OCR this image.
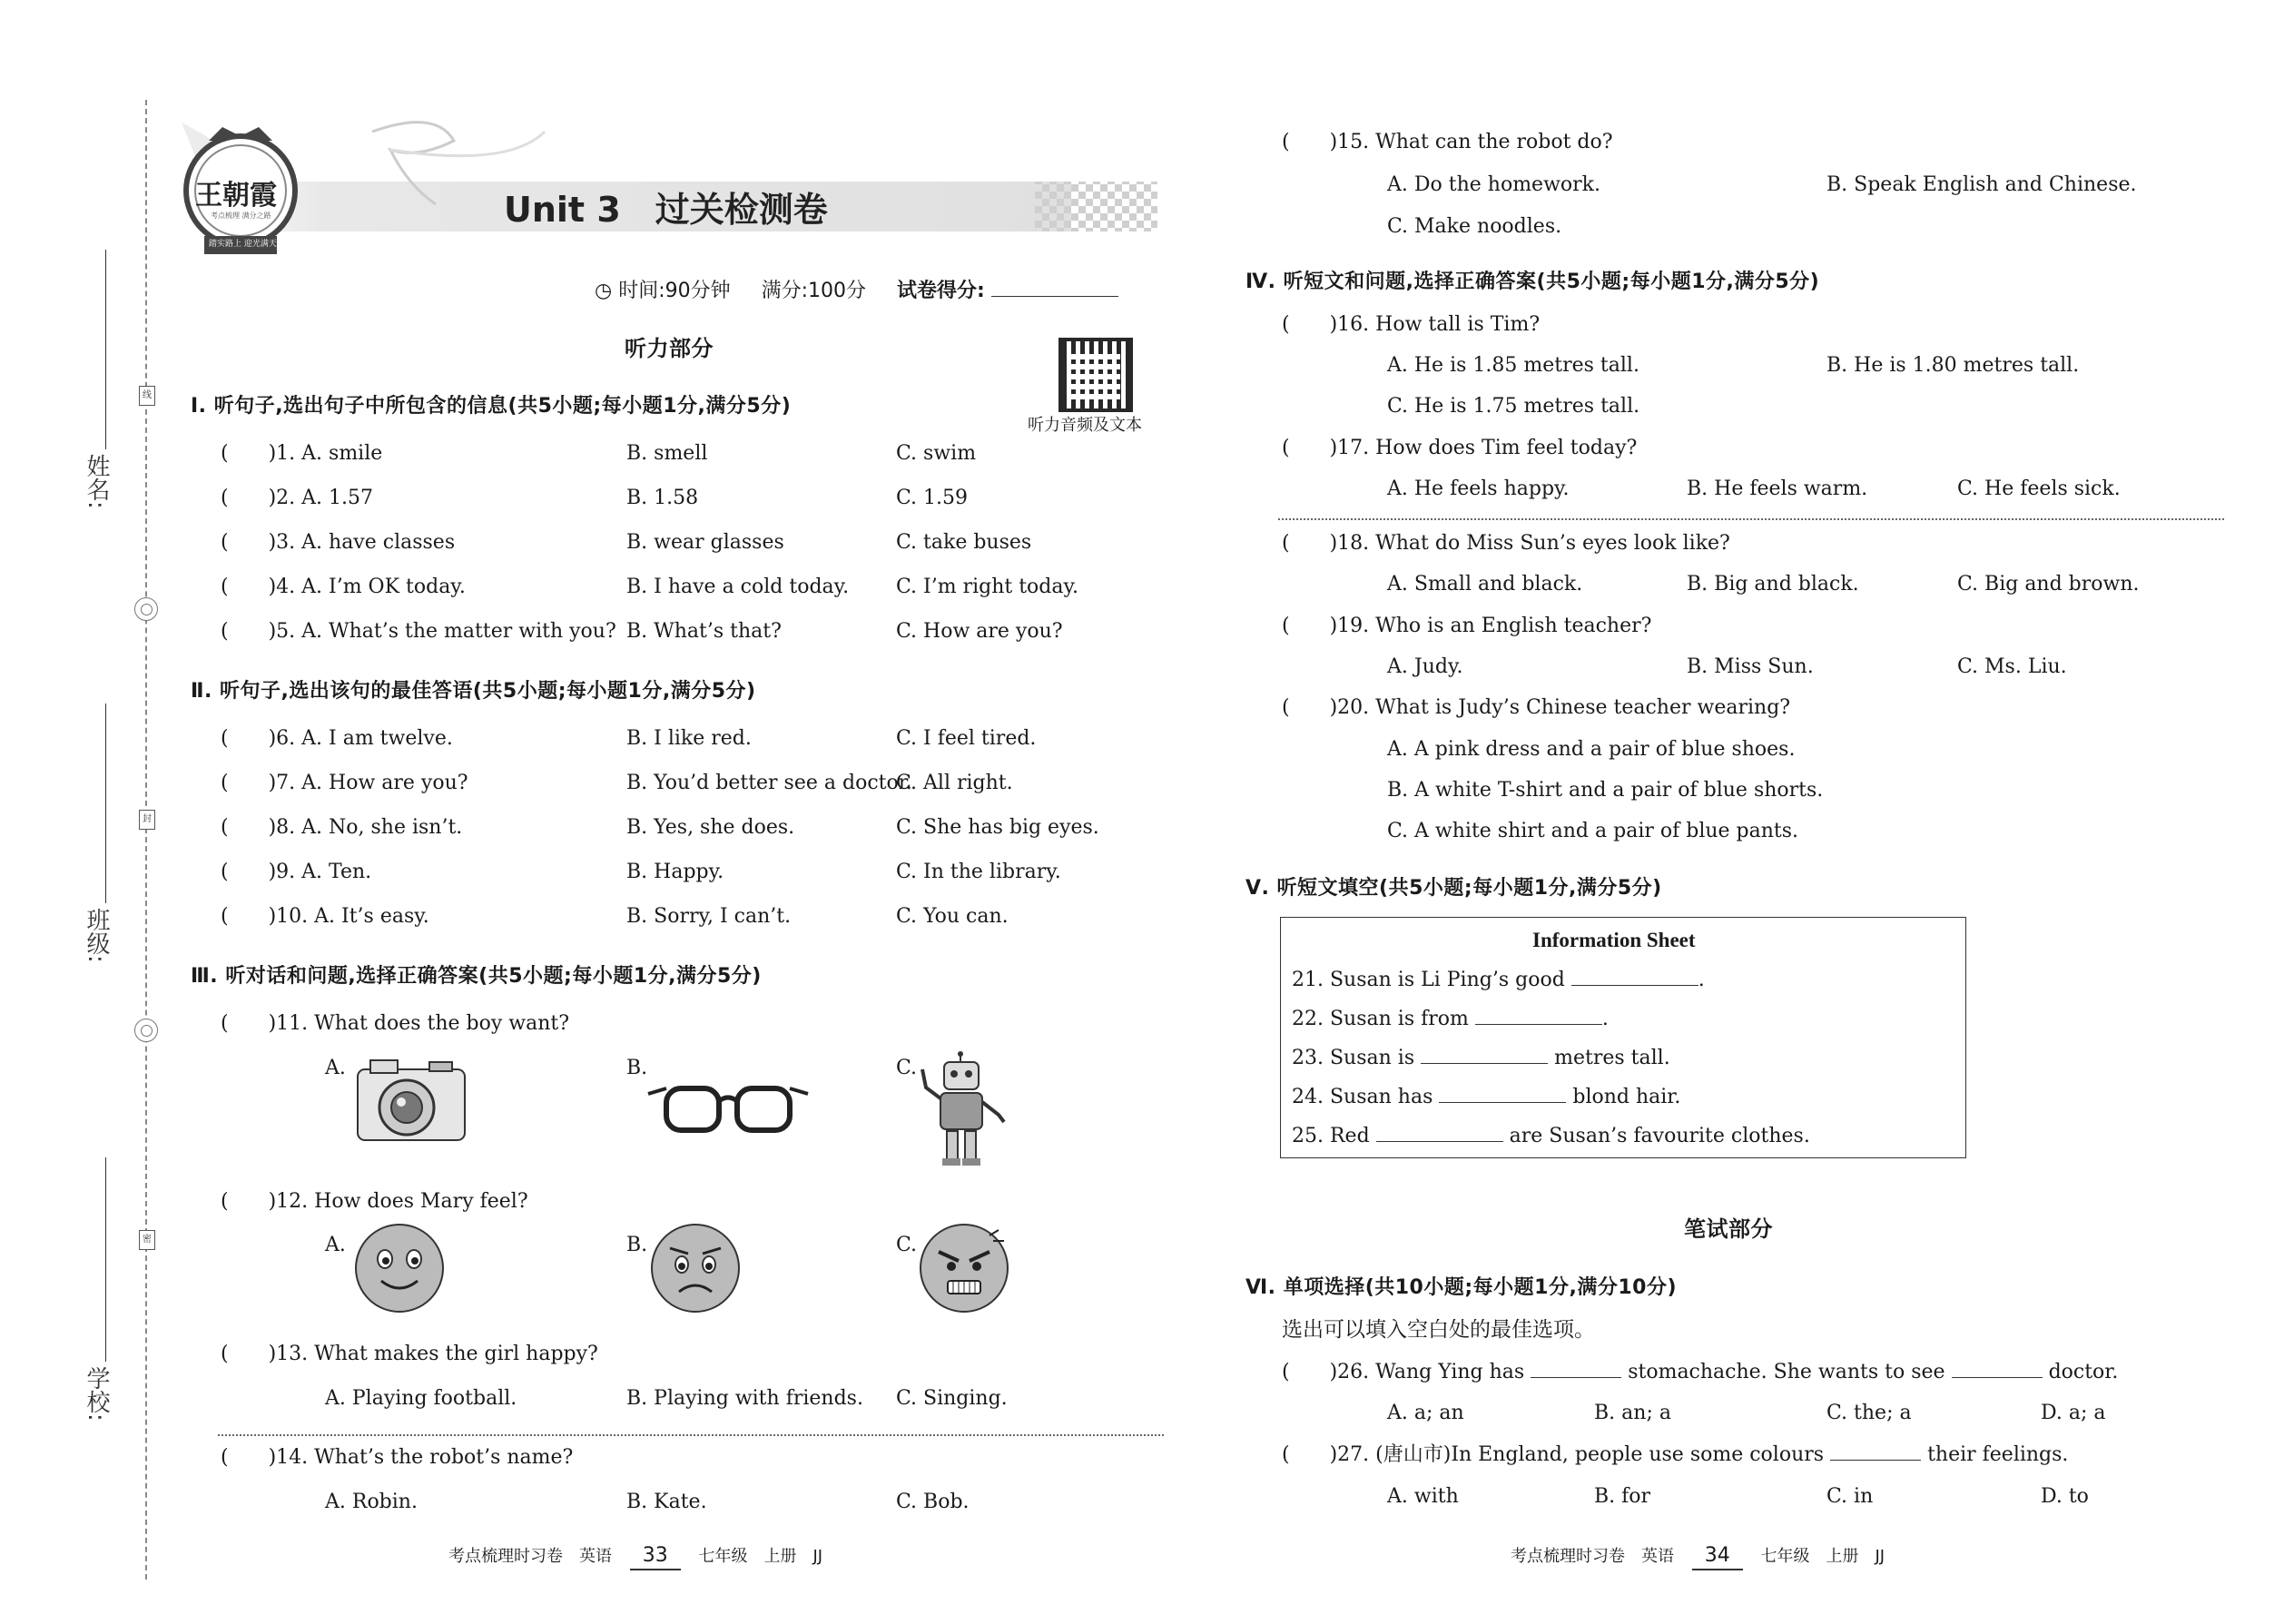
线
封
密
姓名:
班级:
学校:
王朝霞
考点梳理 满分之路
踏实路上 迎光满天
Unit 3　过关检测卷
◷ 时间:90分钟 满分:100分 试卷得分:
听力音频及文本
听力部分
Ⅰ. 听句子,选出句子中所包含的信息(共5小题;每小题1分,满分5分)
(　　)1. A. smile	B. smell	C. swim
(　　)2. A. 1.57	B. 1.58	C. 1.59
(　　)3. A. have classes	B. wear glasses	C. take buses
(　　)4. A. I’m OK today.	B. I have a cold today. C. I’m right today.
(　　)5. A. What’s the matter with you? B. What’s that?	C. How are you?
Ⅱ. 听句子,选出该句的最佳答语(共5小题;每小题1分,满分5分)
(　　)6. A. I am twelve.	B. I like red.	C. I feel tired.
(　　)7. A. How are you?	B. You’d better see a doctor.
C. All right.
(　　)8. A. No, she isn’t.	B. Yes, she does.	C. She has big eyes.
(　　)9. A. Ten.	B. Happy.	C. In the library.
(　　)10. A. It’s easy.	B. Sorry, I can’t.	C. You can.
Ⅲ. 听对话和问题,选择正确答案(共5小题;每小题1分,满分5分)
(　　)11. What does the boy want?
A.	B.	C.
(　　)12. How does Mary feel?
A.	B.	C.
(　　)13. What makes the girl happy?
A. Playing football.	B. Playing with friends. C. Singing.
(　　)14. What’s the robot’s name?
A. Robin.	B. Kate.	C. Bob.
考点梳理时习卷　英语 33 七年级　上册　JJ
(　　)15. What can the robot do?
A. Do the homework.	B. Speak English and Chinese.
C. Make noodles.
Ⅳ. 听短文和问题,选择正确答案(共5小题;每小题1分,满分5分)
(　　)16. How tall is Tim?
A. He is 1.85 metres tall.	B. He is 1.80 metres tall.
C. He is 1.75 metres tall.
(　　)17. How does Tim feel today?
A. He feels happy.	B. He feels warm.	C. He feels sick.
(　　)18. What do Miss Sun’s eyes look like?
A. Small and black.	B. Big and black.	C. Big and brown.
(　　)19. Who is an English teacher?
A. Judy.	B. Miss Sun.	C. Ms. Liu.
(　　)20. What is Judy’s Chinese teacher wearing?
A. A pink dress and a pair of blue shoes.
B. A white T-shirt and a pair of blue shorts.
C. A white shirt and a pair of blue pants.
Ⅴ. 听短文填空(共5小题;每小题1分,满分5分)
Information Sheet
21. Susan is Li Ping’s good	.
22. Susan is from	.
23. Susan is	metres tall.
24. Susan has	blond hair.
25. Red	are Susan’s favourite clothes.
笔试部分
Ⅵ. 单项选择(共10小题;每小题1分,满分10分)
选出可以填入空白处的最佳选项。
(　　)26. Wang Ying has	stomachache. She wants to see	doctor.
A. a; an	B. an; a	C. the; a	D. a; a
(　　)27. (唐山市)In England, people use some colours	their feelings.
A. with	B. for	C. in	D. to
考点梳理时习卷　英语 34 七年级　上册　JJ
